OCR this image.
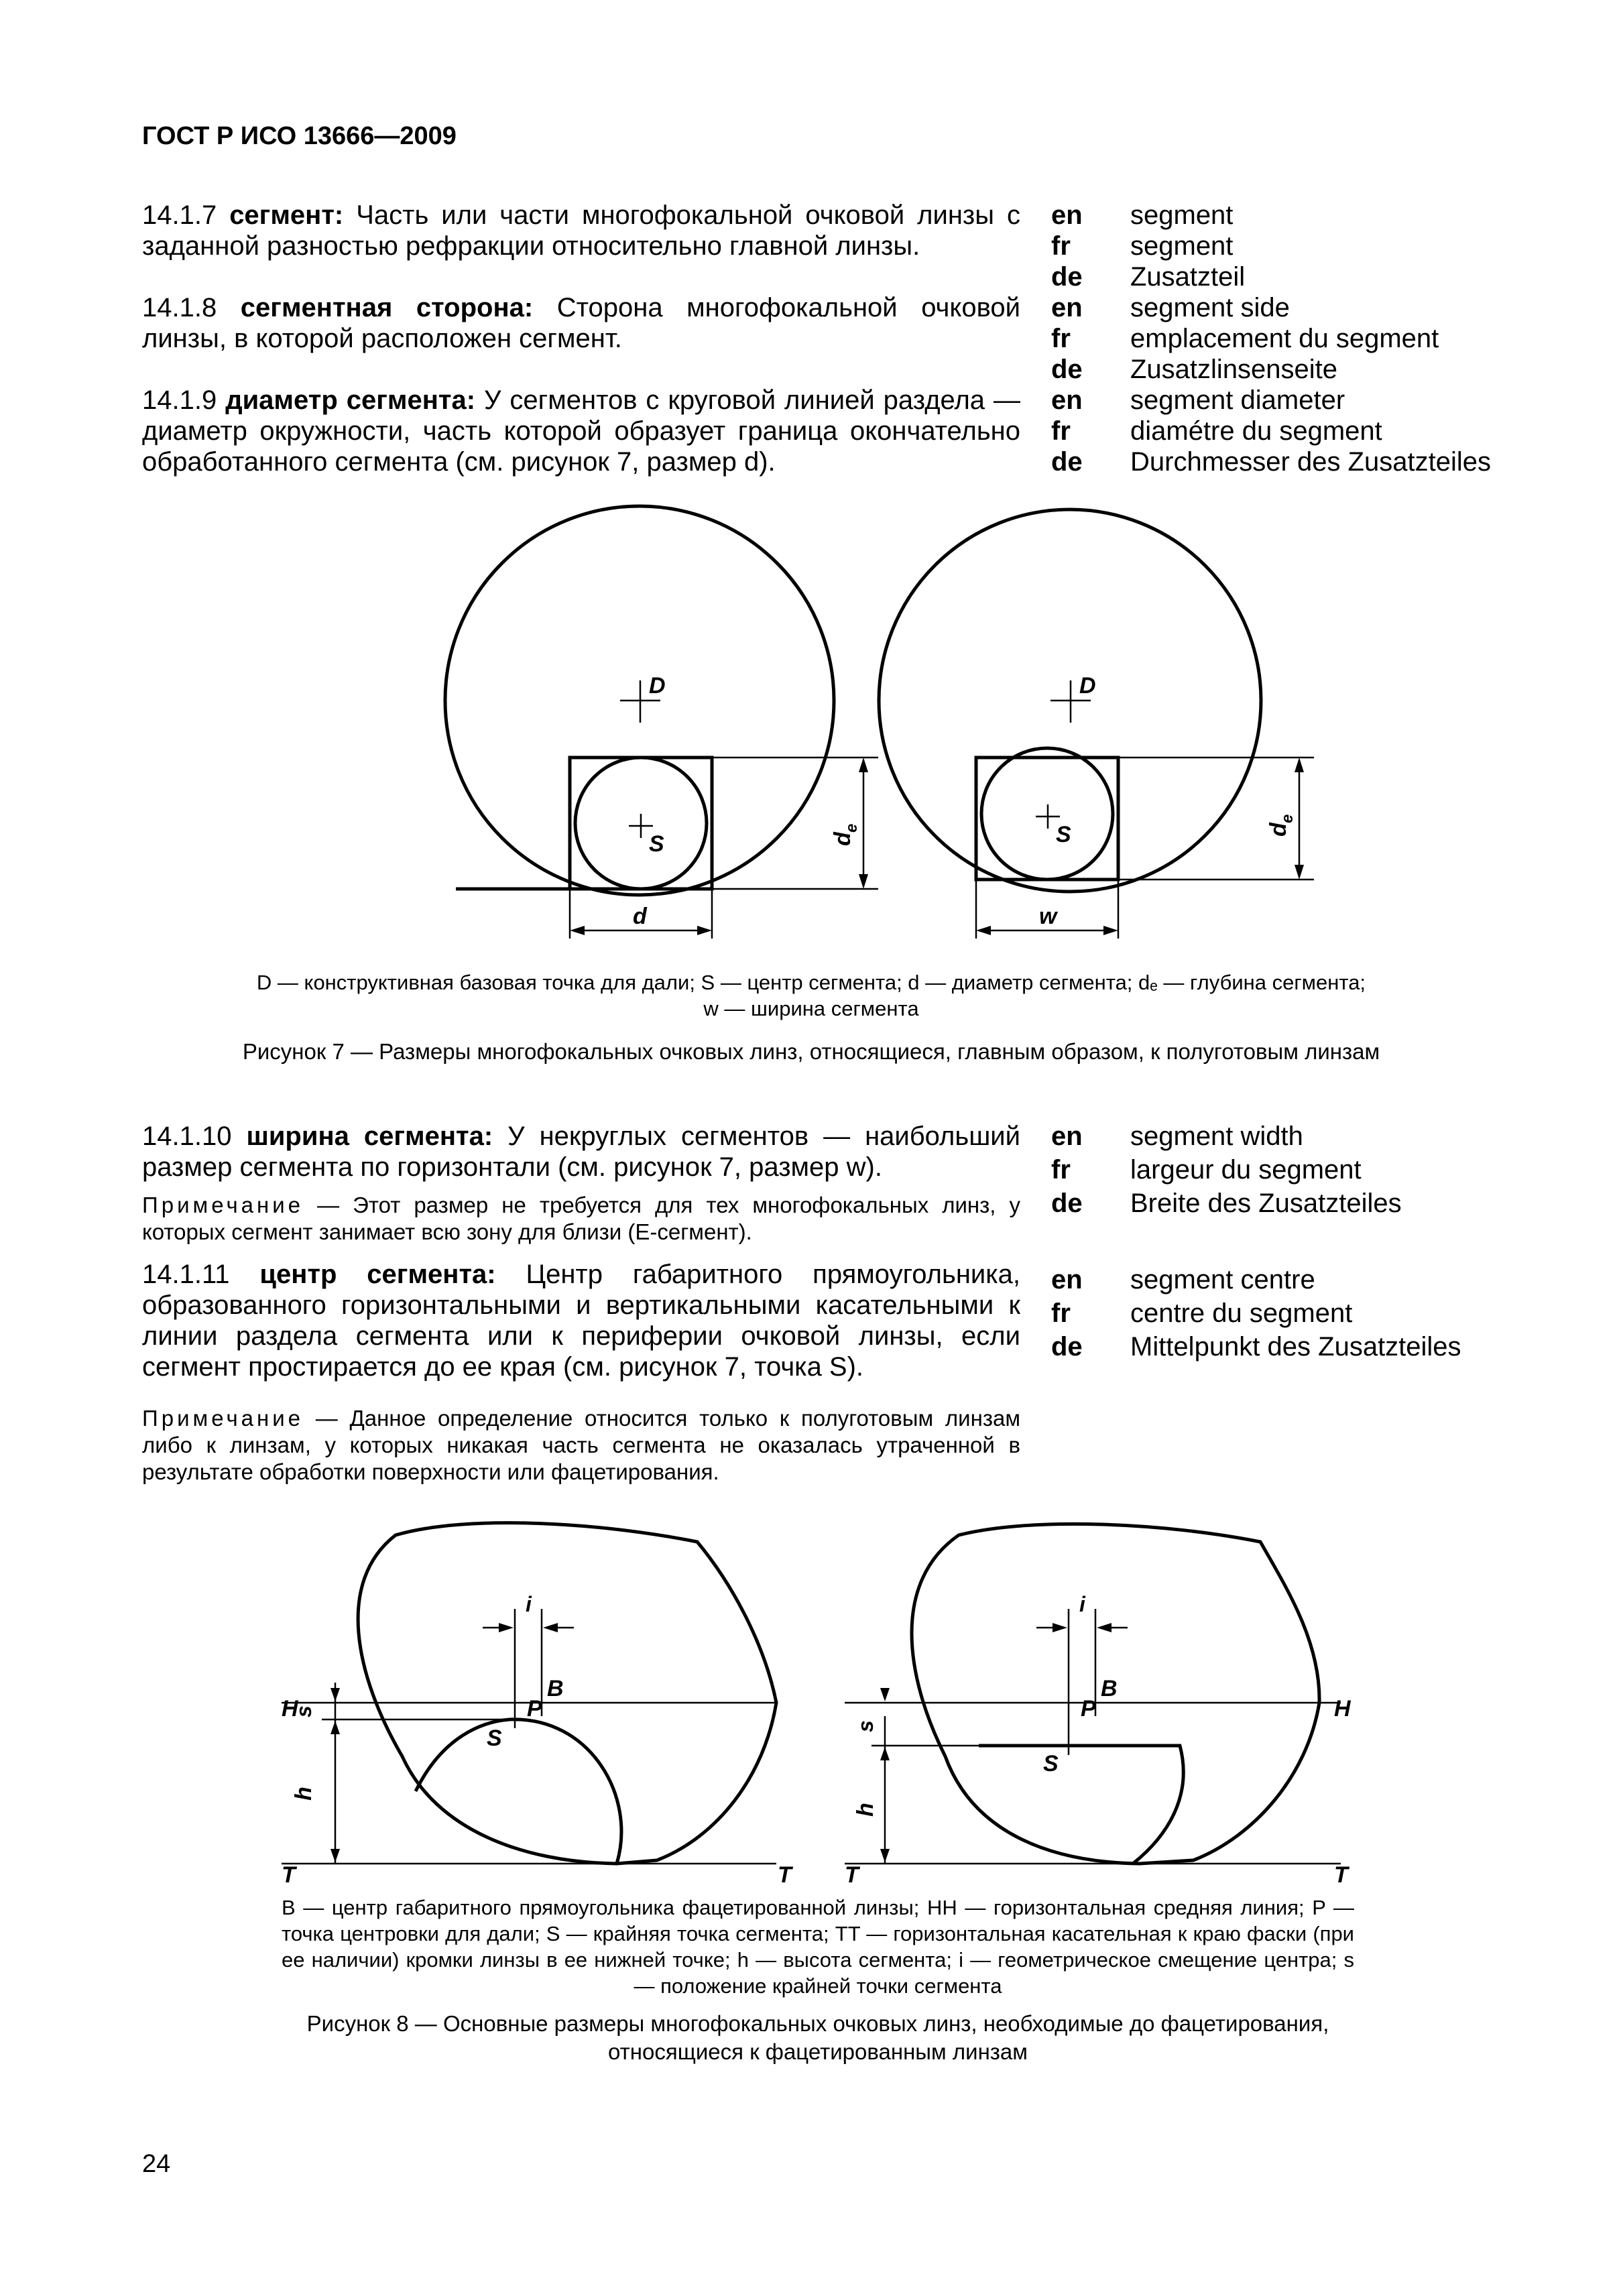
ГОСТ Р ИСО 13666—2009
14.1.7 сегмент: Часть или части многофокальной очковой линзы с заданной разностью рефракции относительно главной линзы.
en segment
fr segment
de Zusatzteil
14.1.8 сегментная сторона: Сторона многофокальной очковой линзы, в которой расположен сегмент.
en segment side
fr emplacement du segment
de Zusatzlinsenseite
14.1.9 диаметр сегмента: У сегментов с круговой линией раздела — диаметр окружности, часть которой образует граница окончательно обработанного сегмента (см. рисунок 7, размер d).
en segment diameter
fr diamétre du segment
de Durchmesser des Zusatzteiles
D	D
S	S
d	w
d
e	d
e
D — конструктивная базовая точка для дали; S — центр сегмента; d — диаметр сегмента; dₑ — глубина сегмента;
w — ширина сегмента
Рисунок 7 — Размеры многофокальных очковых линз, относящиеся, главным образом, к полуготовым линзам
14.1.10 ширина сегмента: У некруглых сегментов — наибольший размер сегмента по горизонтали (см. рисунок 7, размер w).
Примечание — Этот размер не требуется для тех многофокальных линз, у которых сегмент занимает всю зону для близи (E-сегмент).
en segment width
fr largeur du segment
de Breite des Zusatzteiles
14.1.11 центр сегмента: Центр габаритного прямоугольника, образованного горизонтальными и вертикальными касательными к линии раздела сегмента или к периферии очковой линзы, если сегмент простирается до ее края (см. рисунок 7, точка S).
Примечание — Данное определение относится только к полуготовым линзам либо к линзам, у которых никакая часть сегмента не оказалась утраченной в результате обработки поверхности или фацетирования.
en segment centre
fr centre du segment
de Mittelpunkt des Zusatzteiles
H	H
T	T T	T
i	i
B	B
P	P
S
S
s
s
h
h
B — центр габаритного прямоугольника фацетированной линзы; HH — горизонтальная средняя линия; P — точка центровки для дали; S — крайняя точка сегмента; TT — горизонтальная касательная к краю фаски (при ее наличии) кромки линзы в ее нижней точке; h — высота сегмента; i — геометрическое смещение центра; s — положение крайней точки сегмента
Рисунок 8 — Основные размеры многофокальных очковых линз, необходимые до фацетирования, относящиеся к фацетированным линзам
24
